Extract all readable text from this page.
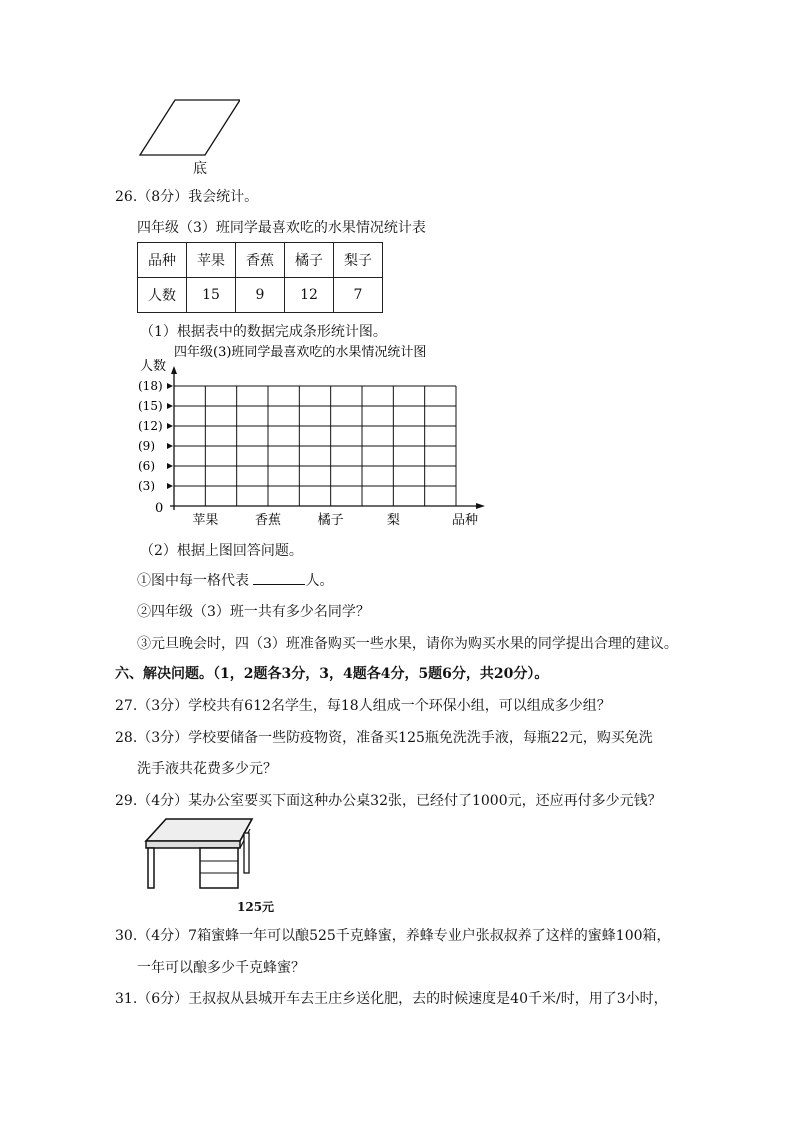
底
26.（8分）我会统计。
四年级（3）班同学最喜欢吃的水果情况统计表
品种	苹果	香蕉	橘子	梨子
人数	15	9	12	7
（1）根据表中的数据完成条形统计图。
四年级(3)班同学最喜欢吃的水果情况统计图
人数
品种
0
(3)
(6)
(9)
(12)
(15)
(18)
苹果	香蕉	橘子	梨
（2）根据上图回答问题。
①图中每一格代表	人。
②四年级（3）班一共有多少名同学？
③元旦晚会时，四（3）班准备购买一些水果，请你为购买水果的同学提出合理的建议。
六、解决问题。（1，2题各3分，3，4题各4分，5题6分，共20分）。
27.（3分）学校共有612名学生，每18人组成一个环保小组，可以组成多少组？
28.（3分）学校要储备一些防疫物资，准备买125瓶免洗洗手液，每瓶22元，购买免洗
洗手液共花费多少元？
29.（4分）某办公室要买下面这种办公桌32张，已经付了1000元，还应再付多少元钱？
125元
30.（4分）7箱蜜蜂一年可以酿525千克蜂蜜，养蜂专业户张叔叔养了这样的蜜蜂100箱，
一年可以酿多少千克蜂蜜？
31.（6分）王叔叔从县城开车去王庄乡送化肥，去的时候速度是40千米/时，用了3小时，
